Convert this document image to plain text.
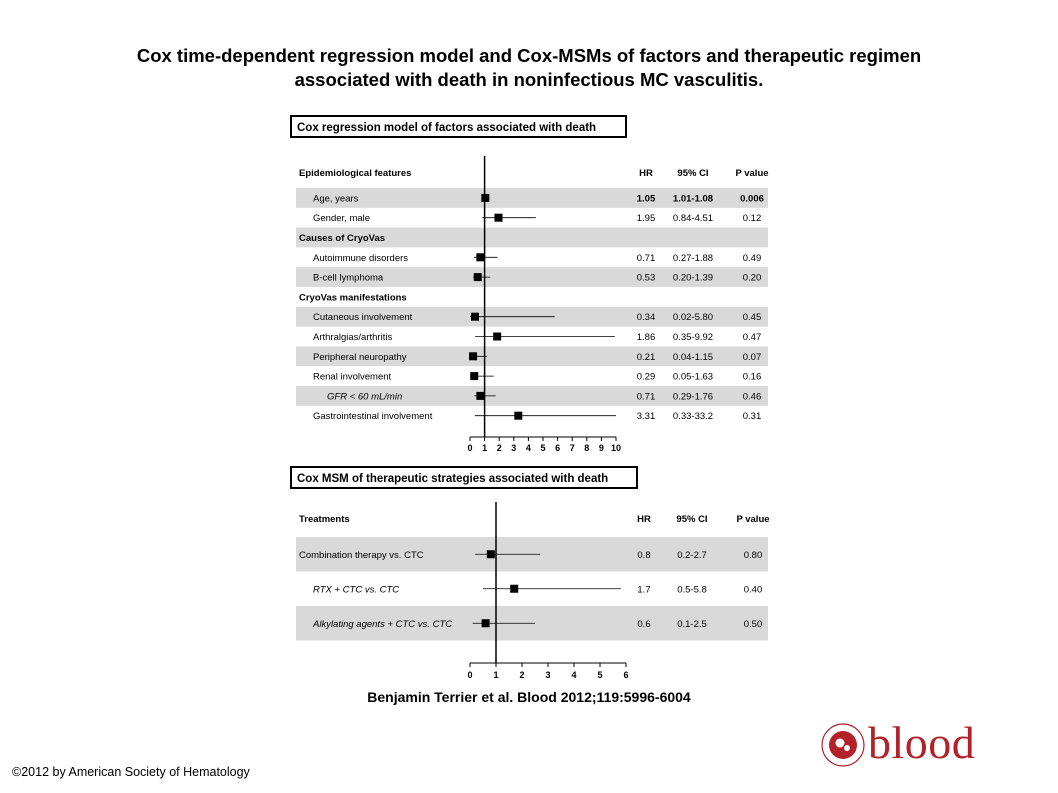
Cox time-dependent regression model and Cox-MSMs of factors and therapeutic regimen
associated with death in noninfectious MC vasculitis.
Cox regression model of factors associated with death
HR	95% CI	P value
Epidemiological features
Age, years	1.05 1.01-1.08	0.006
Gender, male	1.95 0.84-4.51	0.12
Causes of CryoVas
Autoimmune disorders	0.71 0.27-1.88	0.49
B-cell lymphoma	0.53 0.20-1.39	0.20
CryoVas manifestations
Cutaneous involvement	0.34 0.02-5.80	0.45
Arthralgias/arthritis	1.86 0.35-9.92	0.47
Peripheral neuropathy	0.21 0.04-1.15	0.07
Renal involvement	0.29 0.05-1.63	0.16
GFR < 60 mL/min	0.71 0.29-1.76	0.46
Gastrointestinal involvement	3.31 0.33-33.2	0.31
0 1 2 3 4 5 6 7 8 9 10
Cox MSM of therapeutic strategies associated with death
HR	95% CI	P value
Treatments
Combination therapy vs. CTC	0.8	0.2-2.7	0.80
RTX + CTC vs. CTC	1.7	0.5-5.8	0.40
Alkylating agents + CTC vs. CTC	0.6	0.1-2.5	0.50
0 1 2 3 4 5 6
Benjamin Terrier et al. Blood 2012;119:5996-6004
©2012 by American Society of Hematology
blood
